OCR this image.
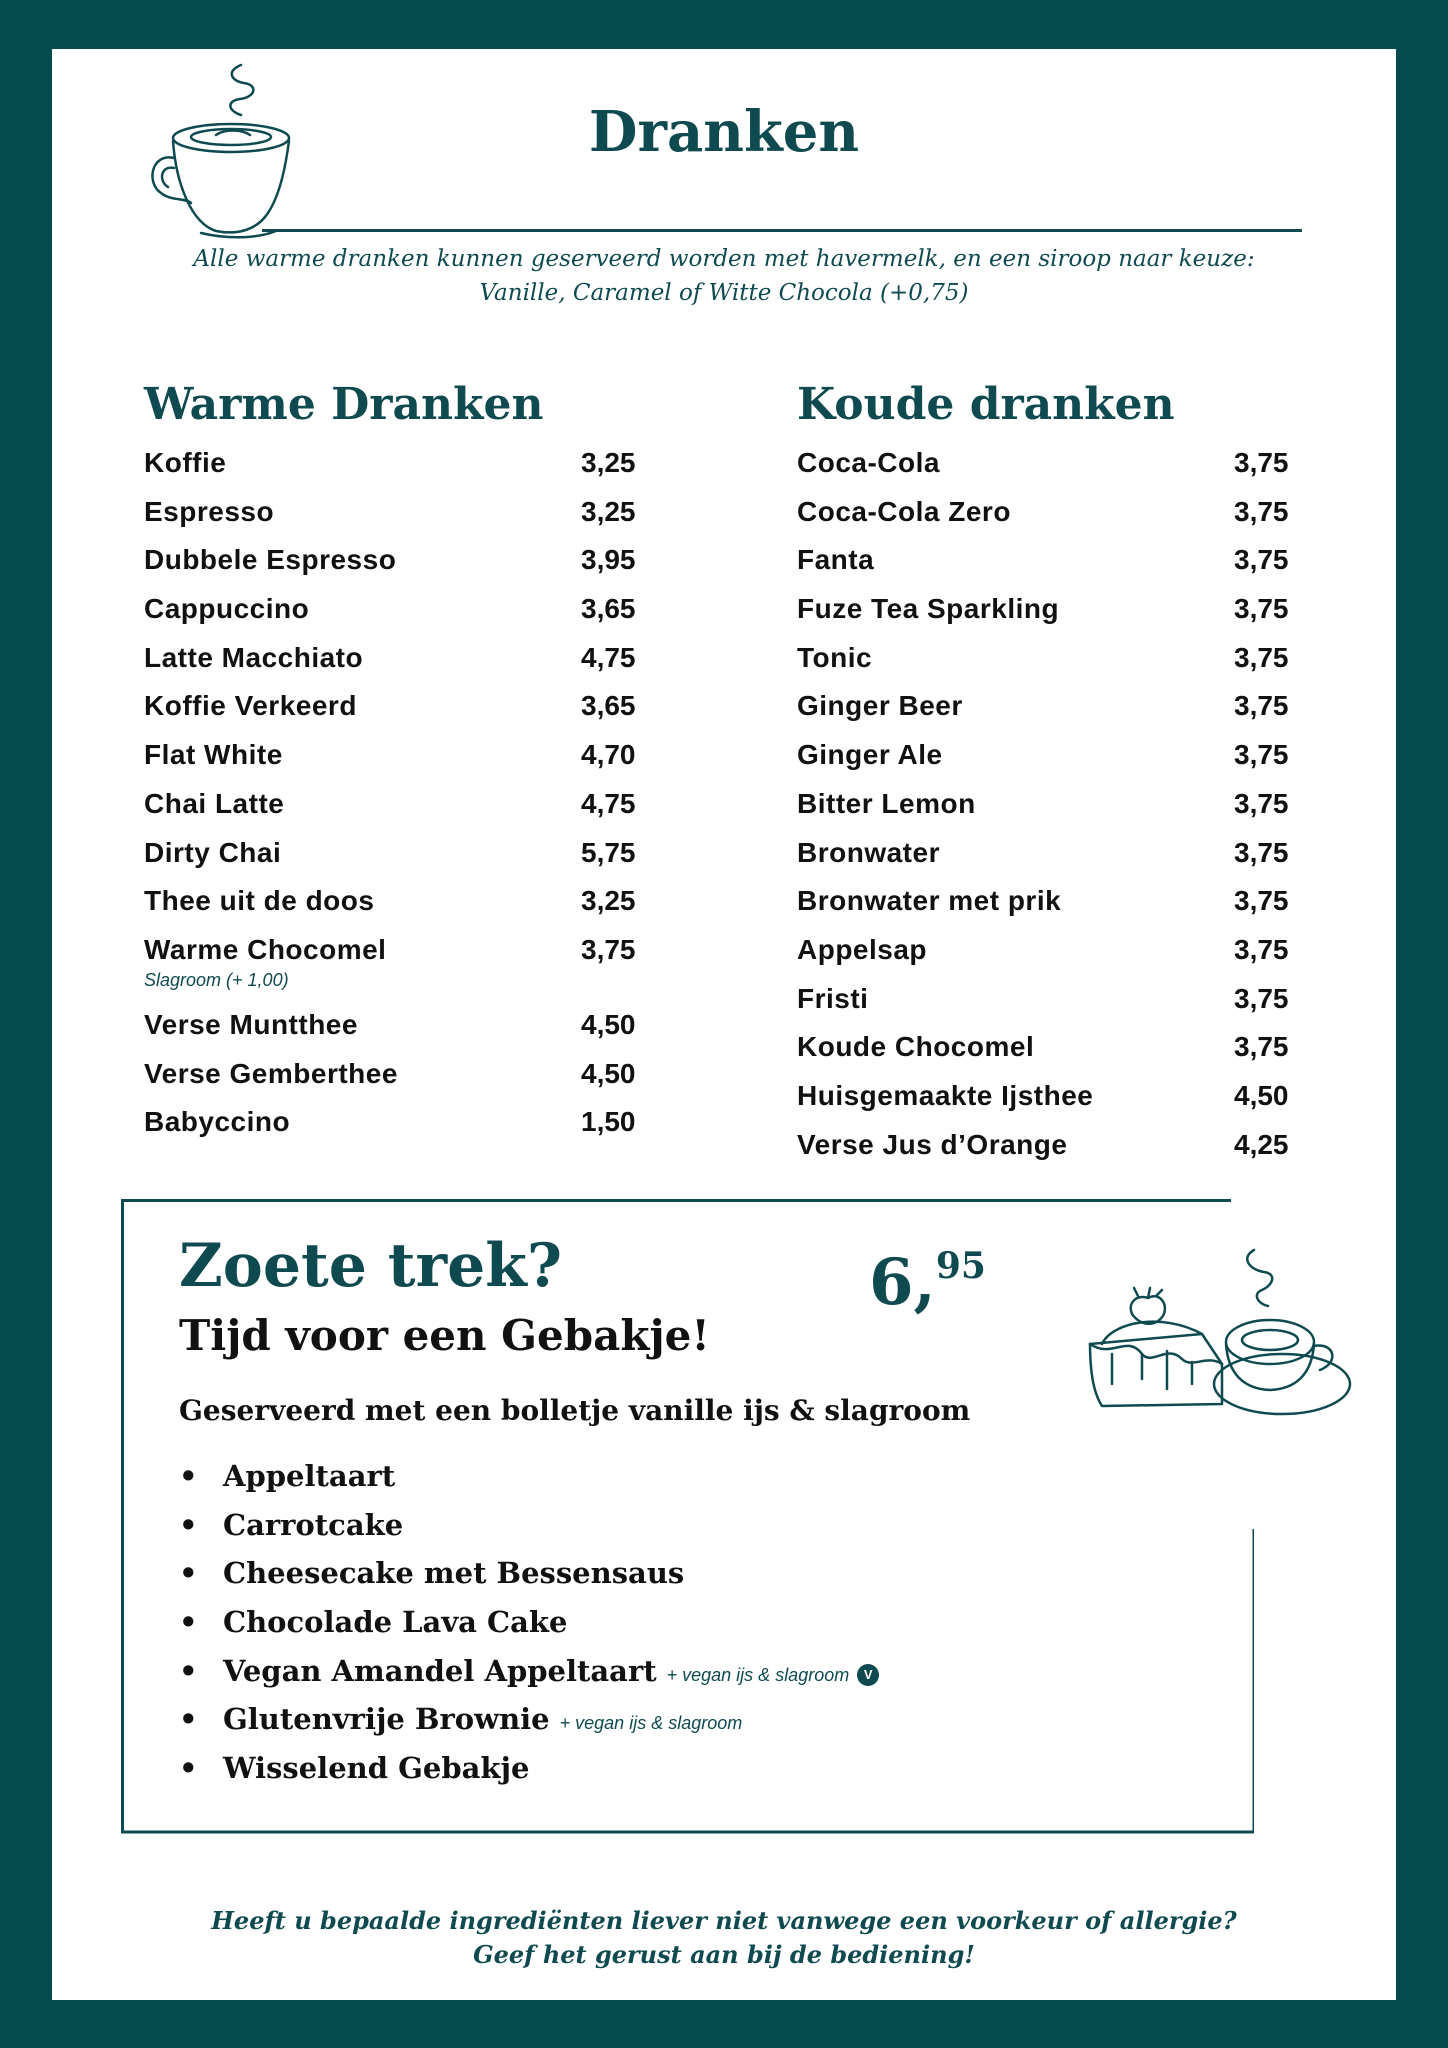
Dranken
Alle warme dranken kunnen geserveerd worden met havermelk, en een siroop naar keuze:
Vanille, Caramel of Witte Chocola (+0,75)
Warme Dranken
Koffie	3,25
Espresso	3,25
Dubbele Espresso	3,95
Cappuccino	3,65
Latte Macchiato	4,75
Koffie Verkeerd	3,65
Flat White	4,70
Chai Latte	4,75
Dirty Chai	5,75
Thee uit de doos	3,25
Warme Chocomel	3,75
Slagroom (+ 1,00)
Verse Muntthee	4,50
Verse Gemberthee	4,50
Babyccino	1,50
Koude dranken
Coca-Cola	3,75
Coca-Cola Zero	3,75
Fanta	3,75
Fuze Tea Sparkling	3,75
Tonic	3,75
Ginger Beer	3,75
Ginger Ale	3,75
Bitter Lemon	3,75
Bronwater	3,75
Bronwater met prik	3,75
Appelsap	3,75
Fristi	3,75
Koude Chocomel	3,75
Huisgemaakte Ijsthee	4,50
Verse Jus d’Orange	4,25
Zoete trek?
Tijd voor een Gebakje!
6,95
Geserveerd met een bolletje vanille ijs & slagroom
• Appeltaart
• Carrotcake
• Cheesecake met Bessensaus
• Chocolade Lava Cake
• Vegan Amandel Appeltaart + vegan ijs & slagroom V
• Glutenvrije Brownie + vegan ijs & slagroom
• Wisselend Gebakje
Heeft u bepaalde ingrediënten liever niet vanwege een voorkeur of allergie?
Geef het gerust aan bij de bediening!
